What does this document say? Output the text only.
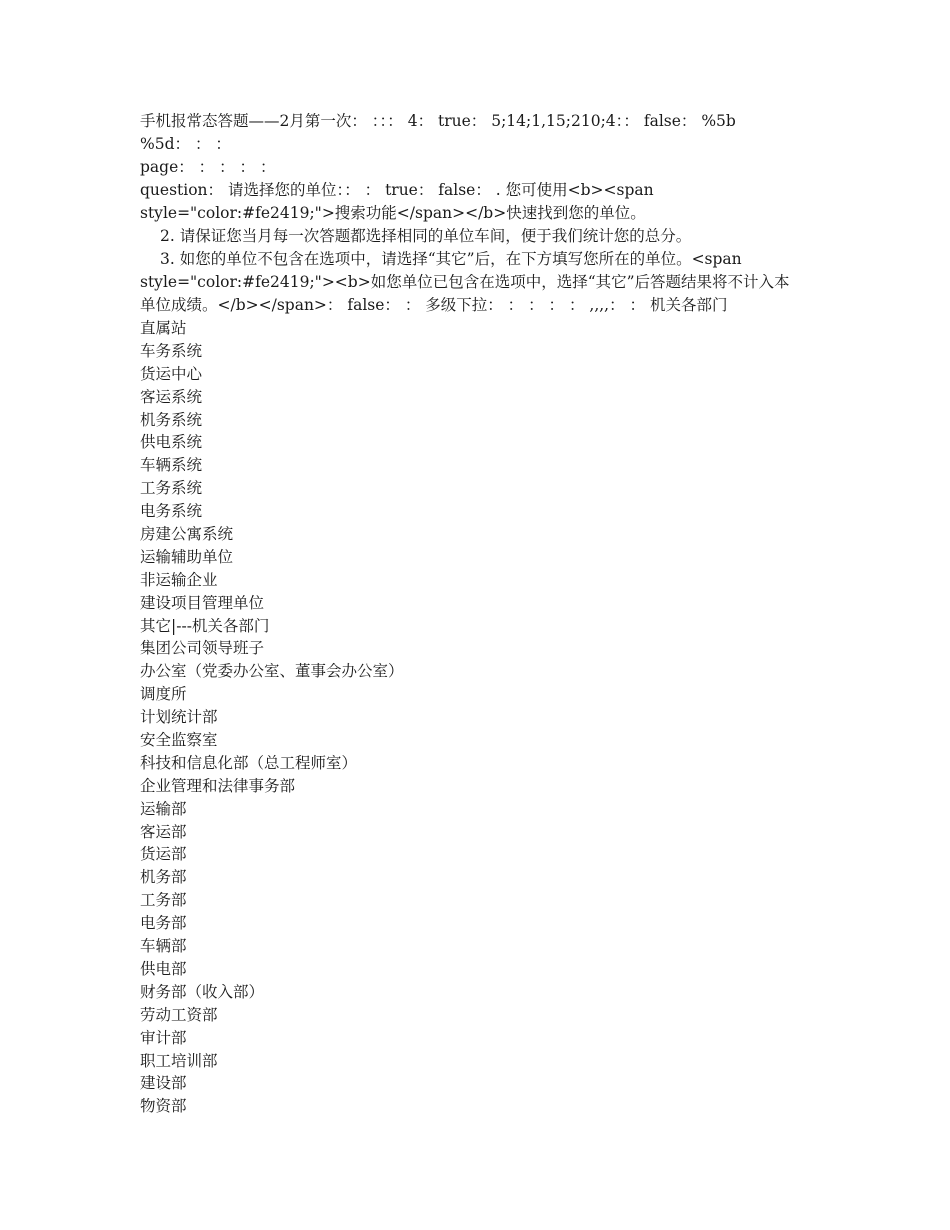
手机报常态答题——2月第一次： ：：： 4： true： 5;14;1,15;210;4：： false： %5b
%5d： ： ：
page： ： ： ： ：
question： 请选择您的单位：： ： true： false： . 您可使用<b><span
style="color:#fe2419;">搜索功能</span></b>快速找到您的单位。
2. 请保证您当月每一次答题都选择相同的单位车间，便于我们统计您的总分。
3. 如您的单位不包含在选项中，请选择“其它”后，在下方填写您所在的单位。<span
style="color:#fe2419;"><b>如您单位已包含在选项中，选择“其它”后答题结果将不计入本
单位成绩。</b></span>： false： ： 多级下拉： ： ： ： ： ,,,,： ： 机关各部门
直属站
车务系统
货运中心
客运系统
机务系统
供电系统
车辆系统
工务系统
电务系统
房建公寓系统
运输辅助单位
非运输企业
建设项目管理单位
其它|---机关各部门
集团公司领导班子
办公室（党委办公室、董事会办公室）
调度所
计划统计部
安全监察室
科技和信息化部（总工程师室）
企业管理和法律事务部
运输部
客运部
货运部
机务部
工务部
电务部
车辆部
供电部
财务部（收入部）
劳动工资部
审计部
职工培训部
建设部
物资部
